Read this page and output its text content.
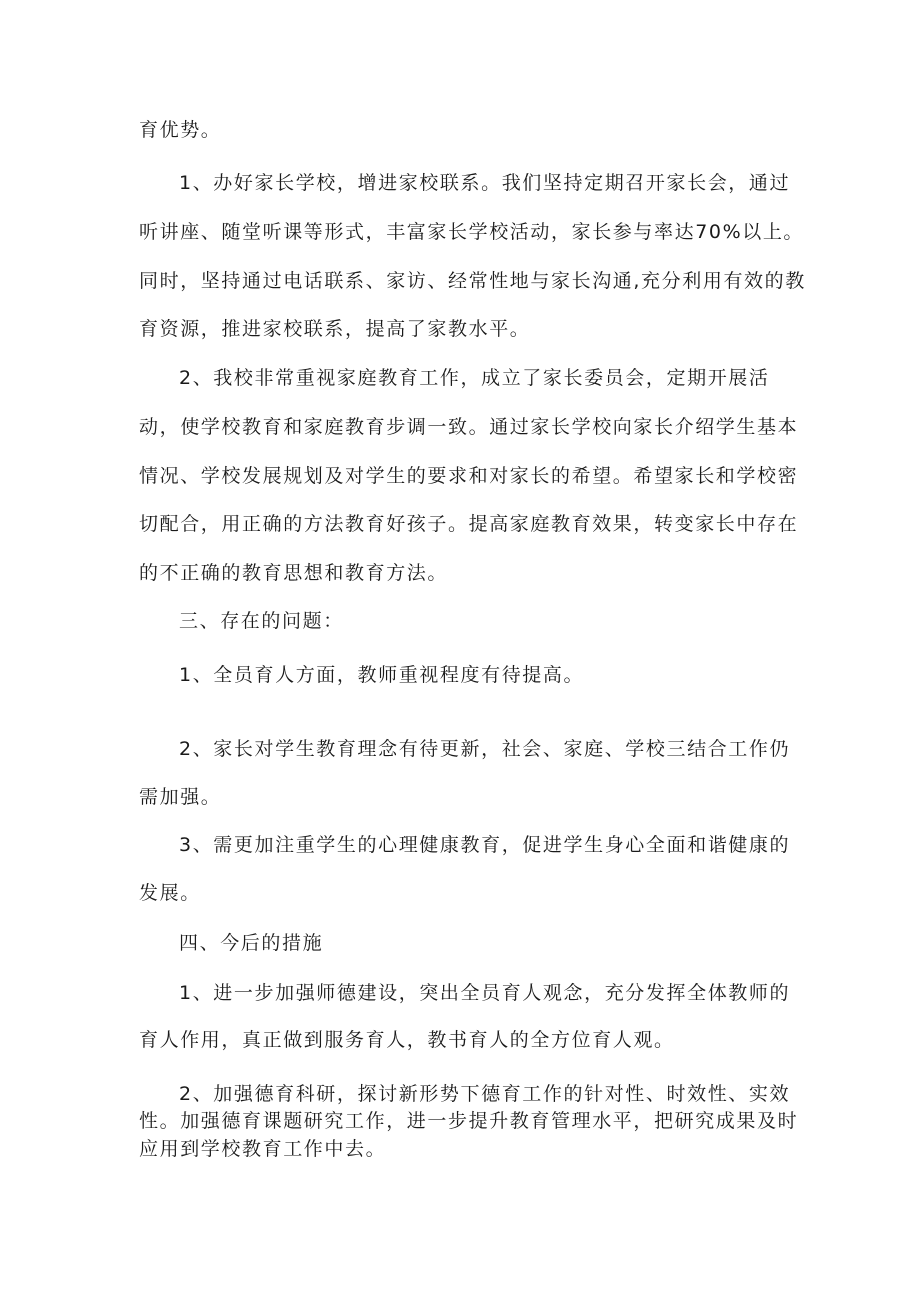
育优势。
1、办好家长学校，增进家校联系。我们坚持定期召开家长会，通过
听讲座、随堂听课等形式，丰富家长学校活动，家长参与率达70%以上。
同时，坚持通过电话联系、家访、经常性地与家长沟通,充分利用有效的教
育资源，推进家校联系，提高了家教水平。
2、我校非常重视家庭教育工作，成立了家长委员会，定期开展活
动，使学校教育和家庭教育步调一致。通过家长学校向家长介绍学生基本
情况、学校发展规划及对学生的要求和对家长的希望。希望家长和学校密
切配合，用正确的方法教育好孩子。提高家庭教育效果，转变家长中存在
的不正确的教育思想和教育方法。
三、存在的问题：
1、全员育人方面，教师重视程度有待提高。
2、家长对学生教育理念有待更新，社会、家庭、学校三结合工作仍
需加强。
3、需更加注重学生的心理健康教育，促进学生身心全面和谐健康的
发展。
四、今后的措施
1、进一步加强师德建设，突出全员育人观念，充分发挥全体教师的
育人作用，真正做到服务育人，教书育人的全方位育人观。
2、加强德育科研，探讨新形势下德育工作的针对性、时效性、实效
性。加强德育课题研究工作，进一步提升教育管理水平，把研究成果及时
应用到学校教育工作中去。
